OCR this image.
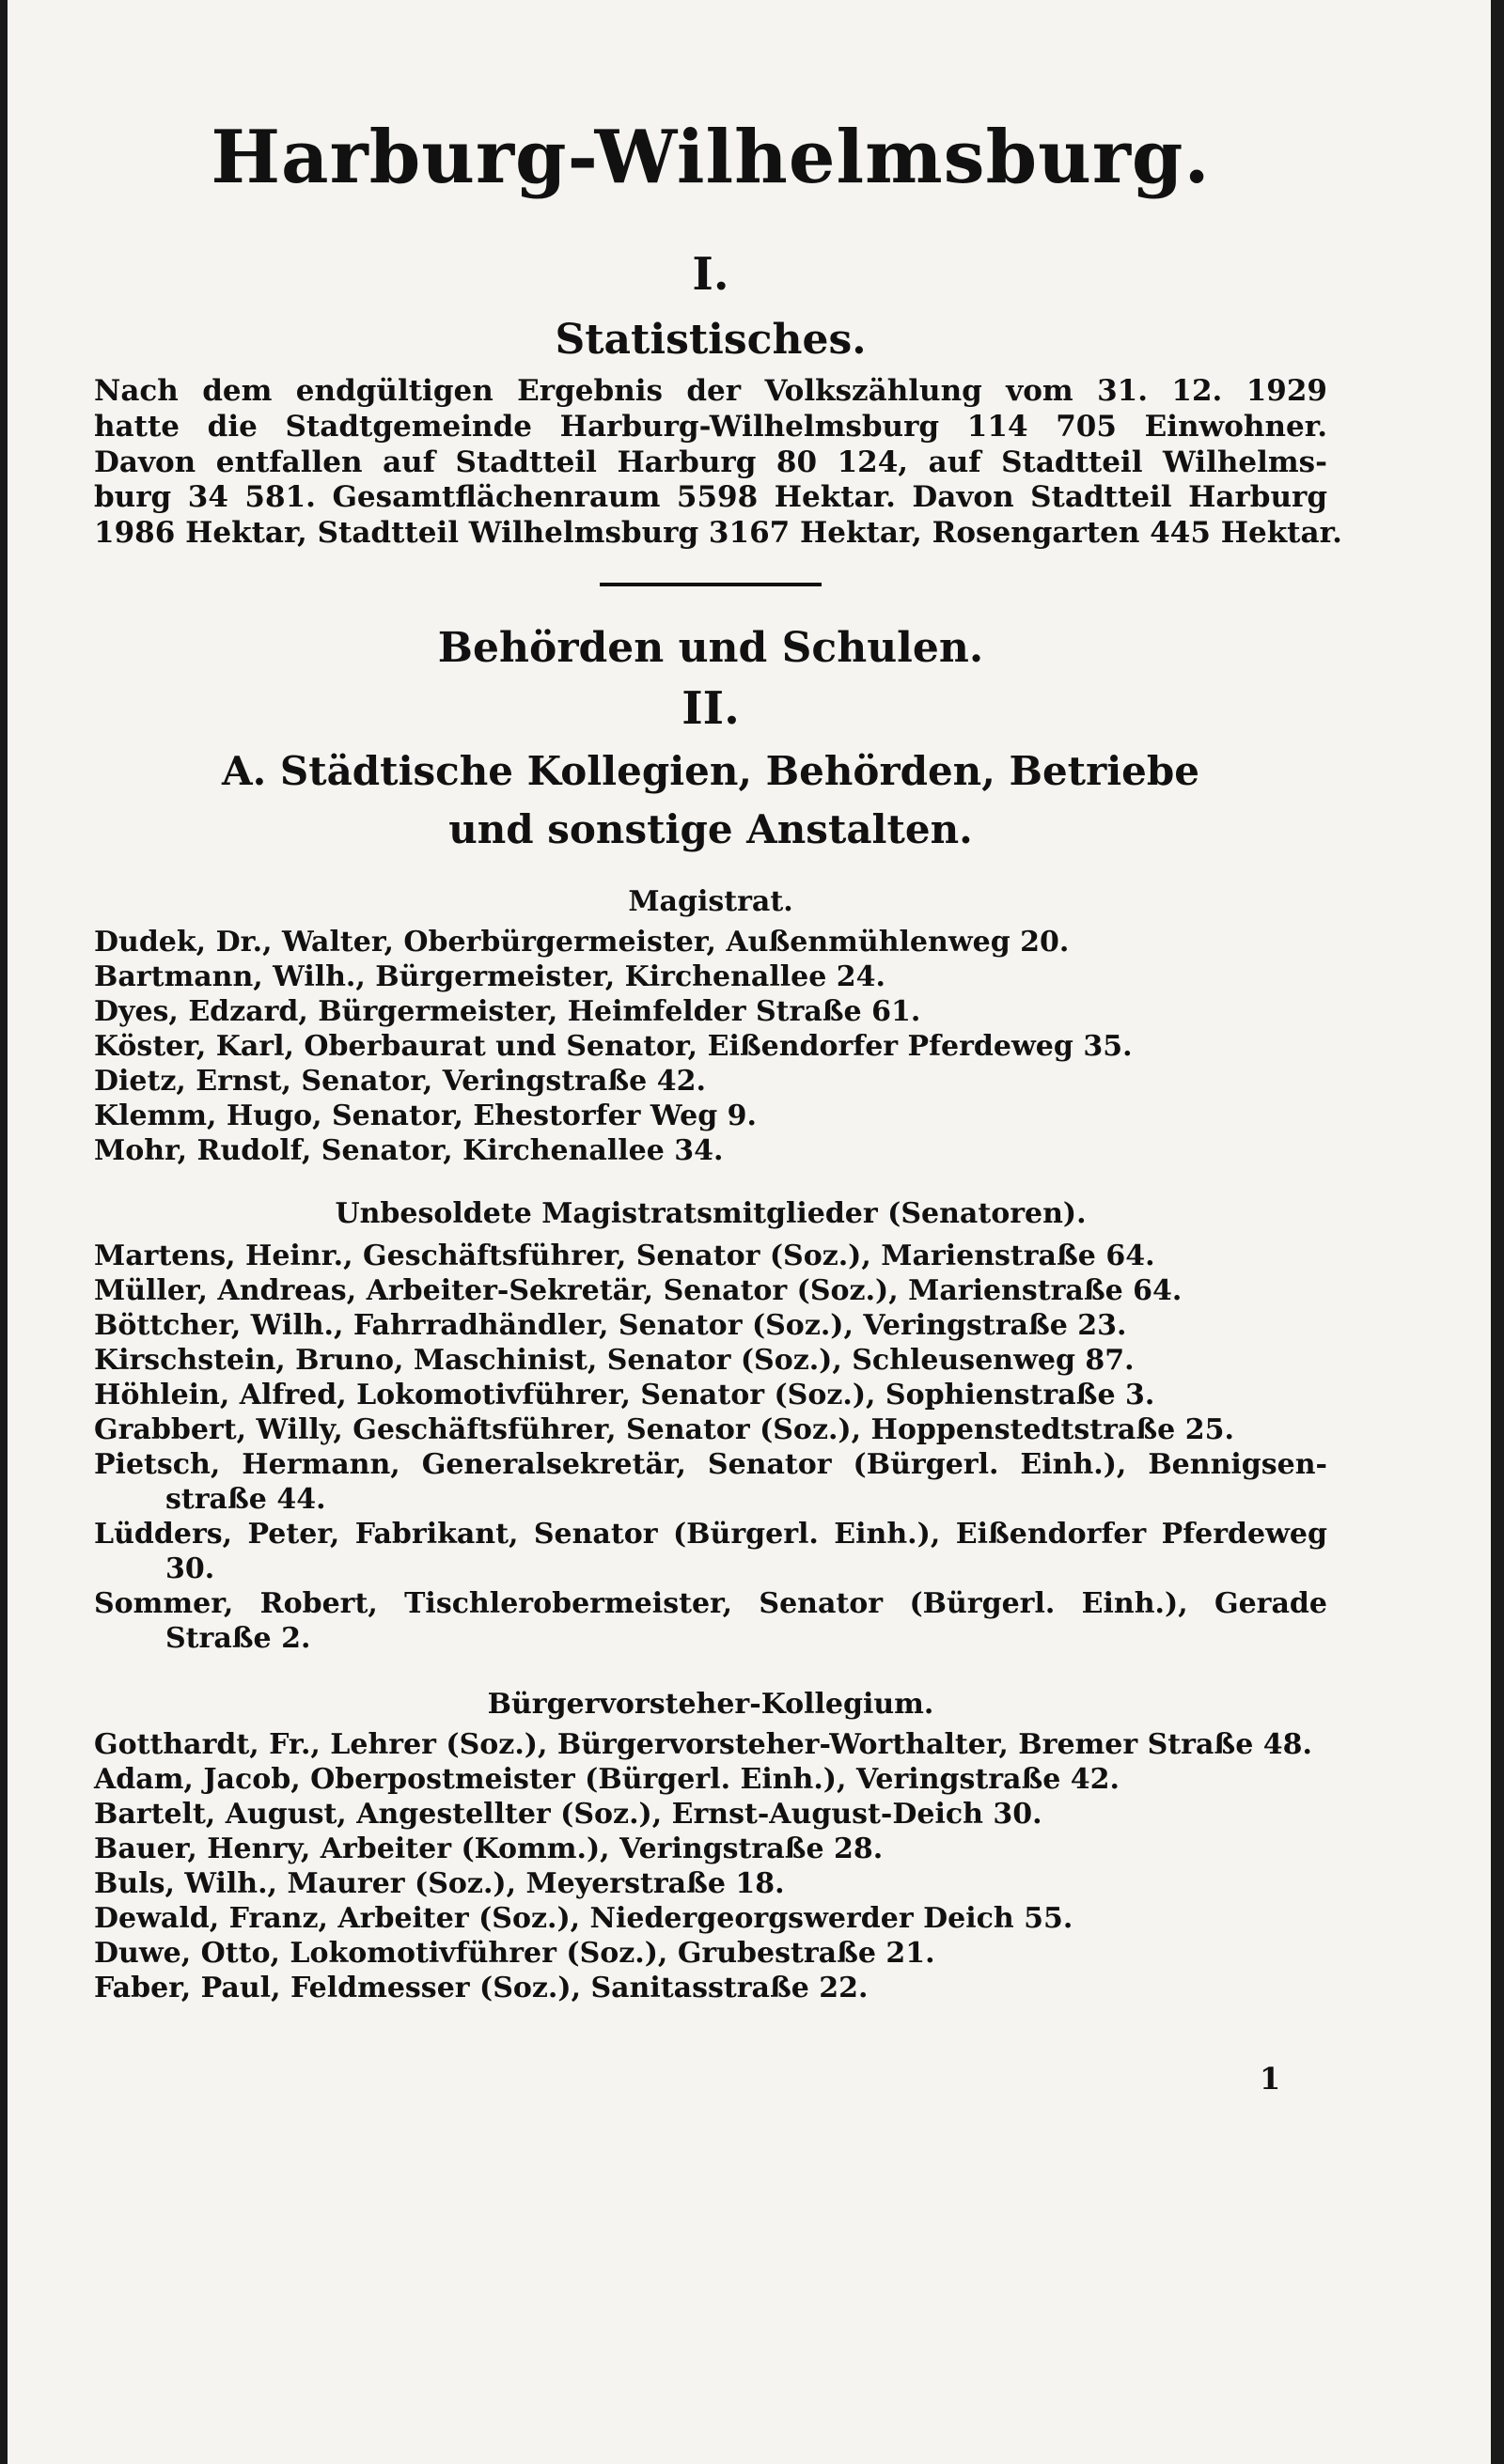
Harburg-Wilhelmsburg.
I.
Statistisches.
Nach dem endgültigen Ergebnis der Volkszählung vom 31. 12. 1929
hatte die Stadtgemeinde Harburg-Wilhelmsburg 114 705 Einwohner.
Davon entfallen auf Stadtteil Harburg 80 124, auf Stadtteil Wilhelms-
burg 34 581. Gesamtflächenraum 5598 Hektar. Davon Stadtteil Harburg
1986 Hektar, Stadtteil Wilhelmsburg 3167 Hektar, Rosengarten 445 Hektar.
Behörden und Schulen.
II.
A. Städtische Kollegien, Behörden, Betriebe
und sonstige Anstalten.
Magistrat.

Dudek, Dr., Walter, Oberbürgermeister, Außenmühlenweg 20.

Bartmann, Wilh., Bürgermeister, Kirchenallee 24.

Dyes, Edzard, Bürgermeister, Heimfelder Straße 61.

Köster, Karl, Oberbaurat und Senator, Eißendorfer Pferdeweg 35.

Dietz, Ernst, Senator, Veringstraße 42.

Klemm, Hugo, Senator, Ehestorfer Weg 9.

Mohr, Rudolf, Senator, Kirchenallee 34.

Unbesoldete Magistratsmitglieder (Senatoren).

Martens, Heinr., Geschäftsführer, Senator (Soz.), Marienstraße 64.

Müller, Andreas, Arbeiter-Sekretär, Senator (Soz.), Marienstraße 64.

Böttcher, Wilh., Fahrradhändler, Senator (Soz.), Veringstraße 23.

Kirschstein, Bruno, Maschinist, Senator (Soz.), Schleusenweg 87.

Höhlein, Alfred, Lokomotivführer, Senator (Soz.), Sophienstraße 3.

Grabbert, Willy, Geschäftsführer, Senator (Soz.), Hoppenstedtstraße 25.

Pietsch, Hermann, Generalsekretär, Senator (Bürgerl. Einh.), Bennigsen-straße 44.

Lüdders, Peter, Fabrikant, Senator (Bürgerl. Einh.), Eißendorfer Pferdeweg 30.

Sommer, Robert, Tischlerobermeister, Senator (Bürgerl. Einh.), Gerade Straße 2.

Bürgervorsteher-Kollegium.

Gotthardt, Fr., Lehrer (Soz.), Bürgervorsteher-Worthalter, Bremer Straße 48.

Adam, Jacob, Oberpostmeister (Bürgerl. Einh.), Veringstraße 42.

Bartelt, August, Angestellter (Soz.), Ernst-August-Deich 30.

Bauer, Henry, Arbeiter (Komm.), Veringstraße 28.

Buls, Wilh., Maurer (Soz.), Meyerstraße 18.

Dewald, Franz, Arbeiter (Soz.), Niedergeorgswerder Deich 55.

Duwe, Otto, Lokomotivführer (Soz.), Grubestraße 21.

Faber, Paul, Feldmesser (Soz.), Sanitasstraße 22.

1
